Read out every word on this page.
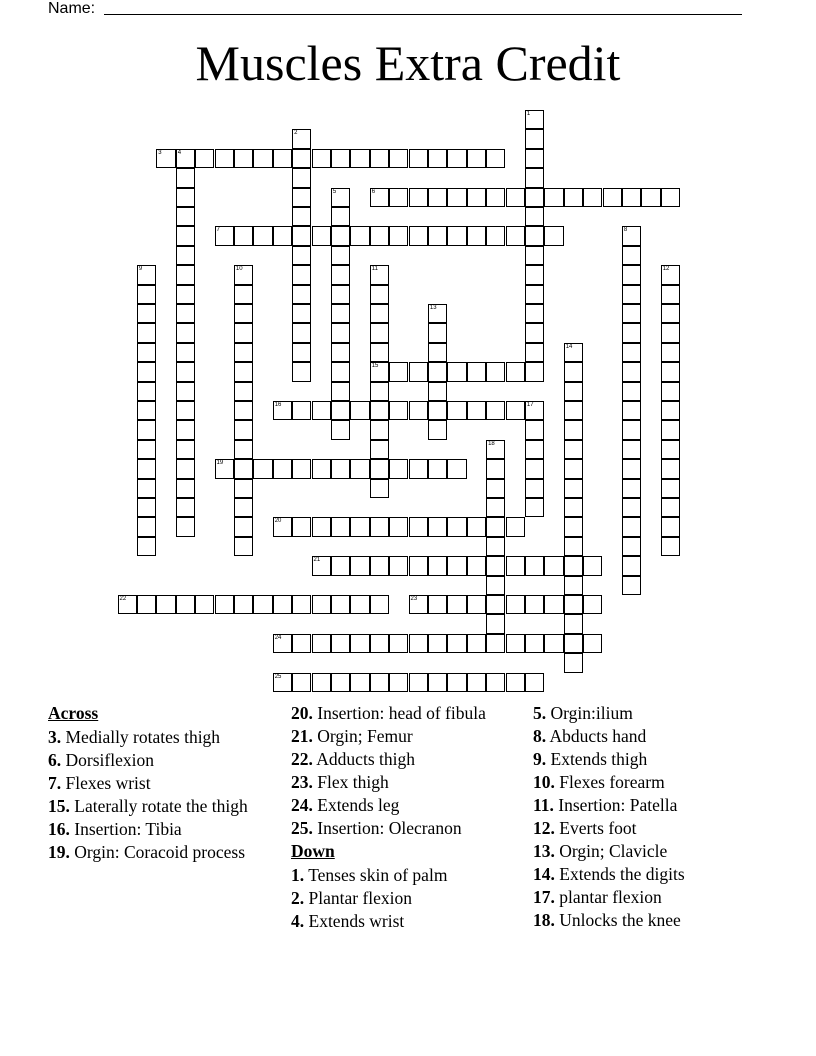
Name:
Muscles Extra Credit
1
2
3	4
5	6
7	8
9	10	11
15
12
13
14
16	17
18
19
20
21
22	23
24
25
Across
3. Medially rotates thigh
6. Dorsiflexion
7. Flexes wrist
15. Laterally rotate the thigh
16. Insertion: Tibia
19. Orgin: Coracoid process
20. Insertion: head of fibula
21. Orgin; Femur
22. Adducts thigh
23. Flex thigh
24. Extends leg
25. Insertion: Olecranon
Down
1. Tenses skin of palm
2. Plantar flexion
4. Extends wrist
5. Orgin:ilium
8. Abducts hand
9. Extends thigh
10. Flexes forearm
11. Insertion: Patella
12. Everts foot
13. Orgin; Clavicle
14. Extends the digits
17. plantar flexion
18. Unlocks the knee
